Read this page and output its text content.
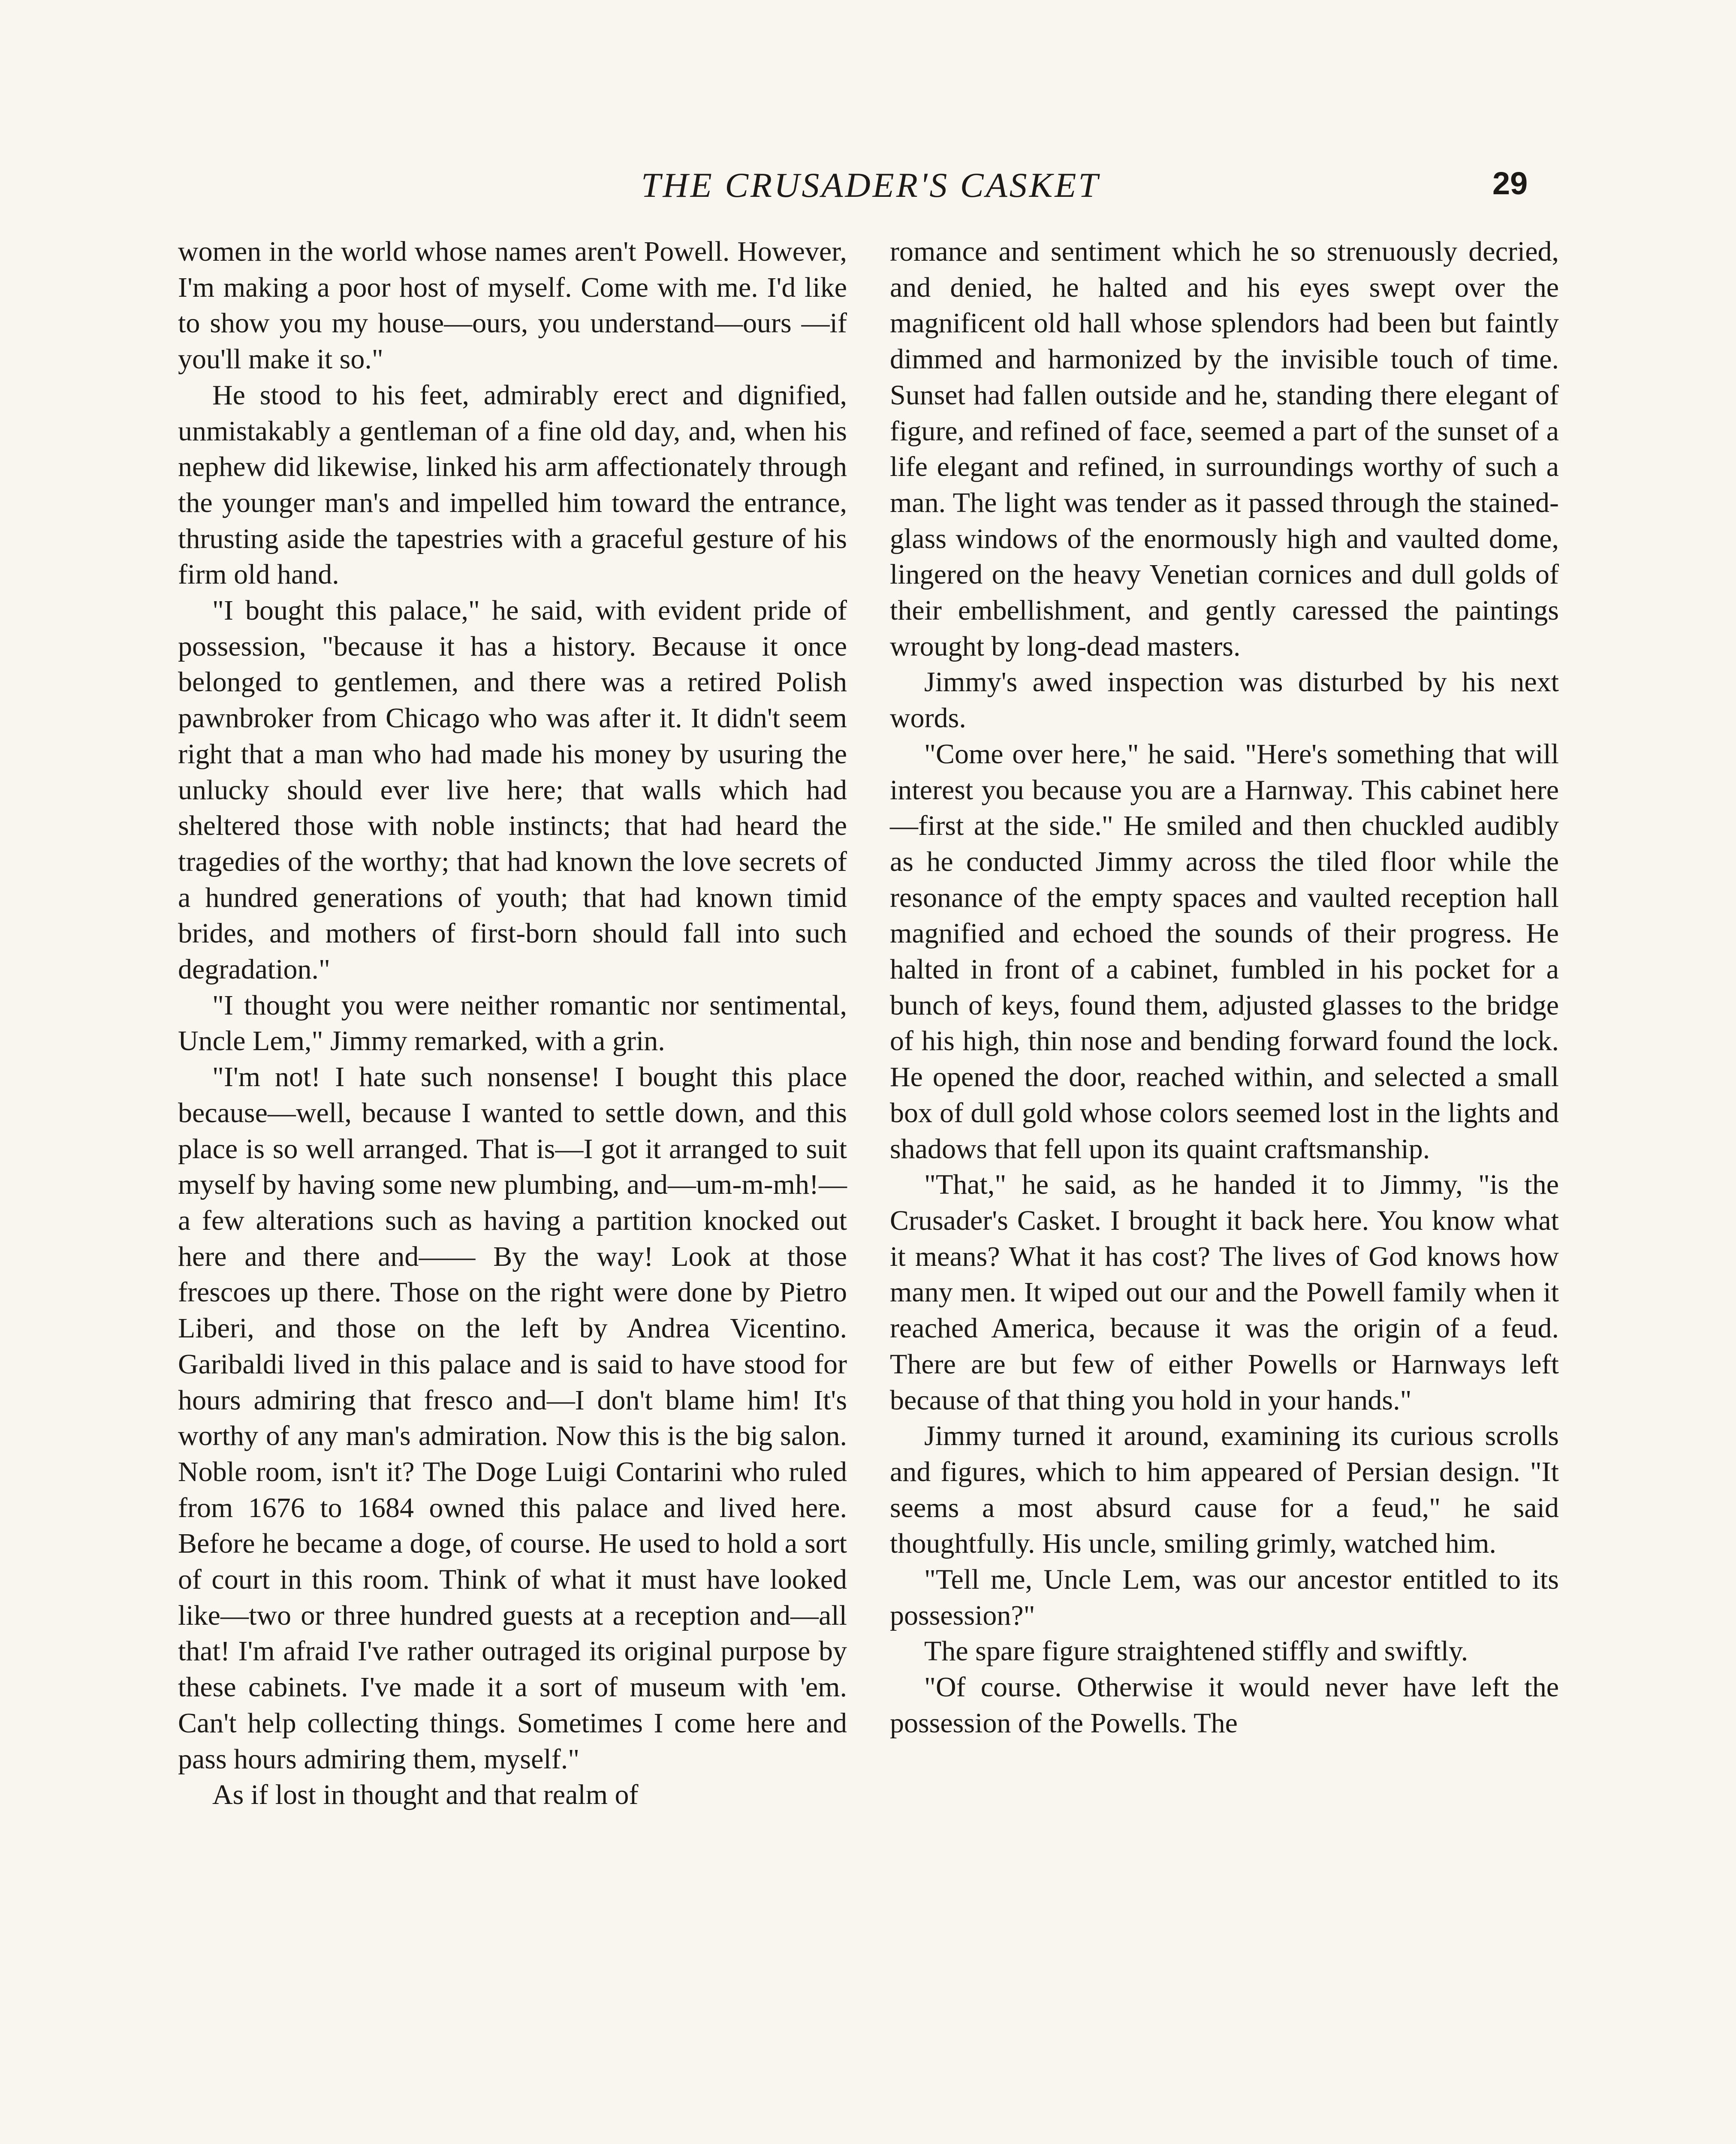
THE CRUSADER'S CASKET	29

women in the world whose names aren't Powell. However, I'm making a poor host of myself. Come with me. I'd like to show you my house—ours, you understand—ours —if you'll make it so."

He stood to his feet, admirably erect and dignified, unmistakably a gentleman of a fine old day, and, when his nephew did likewise, linked his arm affectionately through the younger man's and impelled him toward the entrance, thrusting aside the tapestries with a graceful gesture of his firm old hand.

"I bought this palace," he said, with evident pride of possession, "because it has a history. Because it once belonged to gentlemen, and there was a retired Polish pawnbroker from Chicago who was after it. It didn't seem right that a man who had made his money by usuring the unlucky should ever live here; that walls which had sheltered those with noble instincts; that had heard the tragedies of the worthy; that had known the love secrets of a hundred generations of youth; that had known timid brides, and mothers of first-born should fall into such degradation."

"I thought you were neither romantic nor sentimental, Uncle Lem," Jimmy remarked, with a grin.

"I'm not! I hate such nonsense! I bought this place because—well, because I wanted to settle down, and this place is so well arranged. That is—I got it arranged to suit myself by having some new plumbing, and—um-m-mh!—a few alterations such as having a partition knocked out here and there and—— By the way! Look at those frescoes up there. Those on the right were done by Pietro Liberi, and those on the left by Andrea Vicentino. Garibaldi lived in this palace and is said to have stood for hours admiring that fresco and—I don't blame him! It's worthy of any man's admiration. Now this is the big salon. Noble room, isn't it? The Doge Luigi Contarini who ruled from 1676 to 1684 owned this palace and lived here. Before he became a doge, of course. He used to hold a sort of court in this room. Think of what it must have looked like—two or three hundred guests at a reception and—all that! I'm afraid I've rather outraged its original purpose by these cabinets. I've made it a sort of museum with 'em. Can't help collecting things. Sometimes I come here and pass hours admiring them, myself."

As if lost in thought and that realm of

romance and sentiment which he so strenuously decried, and denied, he halted and his eyes swept over the magnificent old hall whose splendors had been but faintly dimmed and harmonized by the invisible touch of time. Sunset had fallen outside and he, standing there elegant of figure, and refined of face, seemed a part of the sunset of a life elegant and refined, in surroundings worthy of such a man. The light was tender as it passed through the stained-glass windows of the enormously high and vaulted dome, lingered on the heavy Venetian cornices and dull golds of their embellishment, and gently caressed the paintings wrought by long-dead masters.

Jimmy's awed inspection was disturbed by his next words.

"Come over here," he said. "Here's something that will interest you because you are a Harnway. This cabinet here—first at the side." He smiled and then chuckled audibly as he conducted Jimmy across the tiled floor while the resonance of the empty spaces and vaulted reception hall magnified and echoed the sounds of their progress. He halted in front of a cabinet, fumbled in his pocket for a bunch of keys, found them, adjusted glasses to the bridge of his high, thin nose and bending forward found the lock. He opened the door, reached within, and selected a small box of dull gold whose colors seemed lost in the lights and shadows that fell upon its quaint craftsmanship.

"That," he said, as he handed it to Jimmy, "is the Crusader's Casket. I brought it back here. You know what it means? What it has cost? The lives of God knows how many men. It wiped out our and the Powell family when it reached America, because it was the origin of a feud. There are but few of either Powells or Harnways left because of that thing you hold in your hands."

Jimmy turned it around, examining its curious scrolls and figures, which to him appeared of Persian design. "It seems a most absurd cause for a feud," he said thoughtfully. His uncle, smiling grimly, watched him.

"Tell me, Uncle Lem, was our ancestor entitled to its possession?"

The spare figure straightened stiffly and swiftly.

"Of course. Otherwise it would never have left the possession of the Powells. The
